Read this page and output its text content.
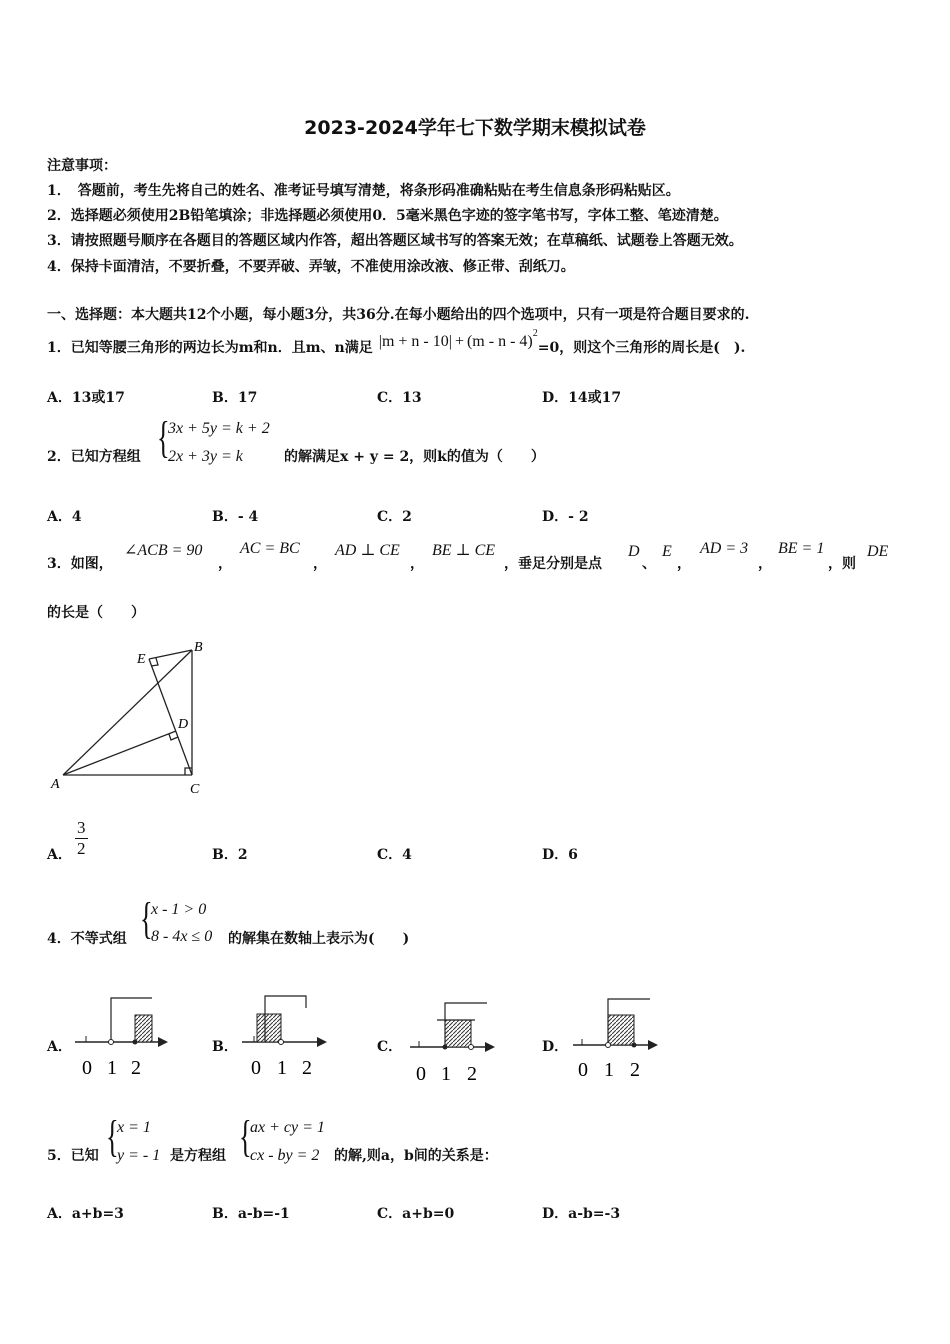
2023-2024学年七下数学期末模拟试卷
注意事项：
1．　答题前，考生先将自己的姓名、准考证号填写清楚，将条形码准确粘贴在考生信息条形码粘贴区。
2．选择题必须使用2B铅笔填涂；非选择题必须使用0．5毫米黑色字迹的签字笔书写，字体工整、笔迹清楚。
3．请按照题号顺序在各题目的答题区域内作答，超出答题区域书写的答案无效；在草稿纸、试题卷上答题无效。
4．保持卡面清洁，不要折叠，不要弄破、弄皱，不准使用涂改液、修正带、刮纸刀。
一、选择题：本大题共12个小题，每小题3分，共36分.在每小题给出的四个选项中，只有一项是符合题目要求的.
1．已知等腰三角形的两边长为m和n．且m、n满足 |m + n - 10| + (m - n - 4) 2
=0，则这个三角形的周长是(　).
A．13或17	B．17	C．13	D．14或17
2．已知方程组 {
3x + 5y = k + 2
2x + 3y = k	的解满足x + y = 2，则k的值为（　　）
A．4	B．- 4	C．2	D．- 2
3．如图，
∠ACB = 90
，
AC = BC
，
AD ⊥ CE
，
BE ⊥ CE
，垂足分别是点
D
、
E
，
AD = 3
，
BE = 1
，则
DE
的长是（　　）
E
B
D
A	C
A． $\frac{3}{2}$	B．2	C．4	D．6
4．不等式组 {
x - 1 > 0
8 - 4x ≤ 0 的解集在数轴上表示为(　　)
A．	B．	C．	D．
0 1 2	0 1 2	0 1 2	0 1 2
5．已知 {
x = 1
y = - 1 是方程组 {
ax + cy = 1
cx - by = 2 的解,则a，b间的关系是：
A．a+b=3	B．a-b=-1	C．a+b=0	D．a-b=-3
